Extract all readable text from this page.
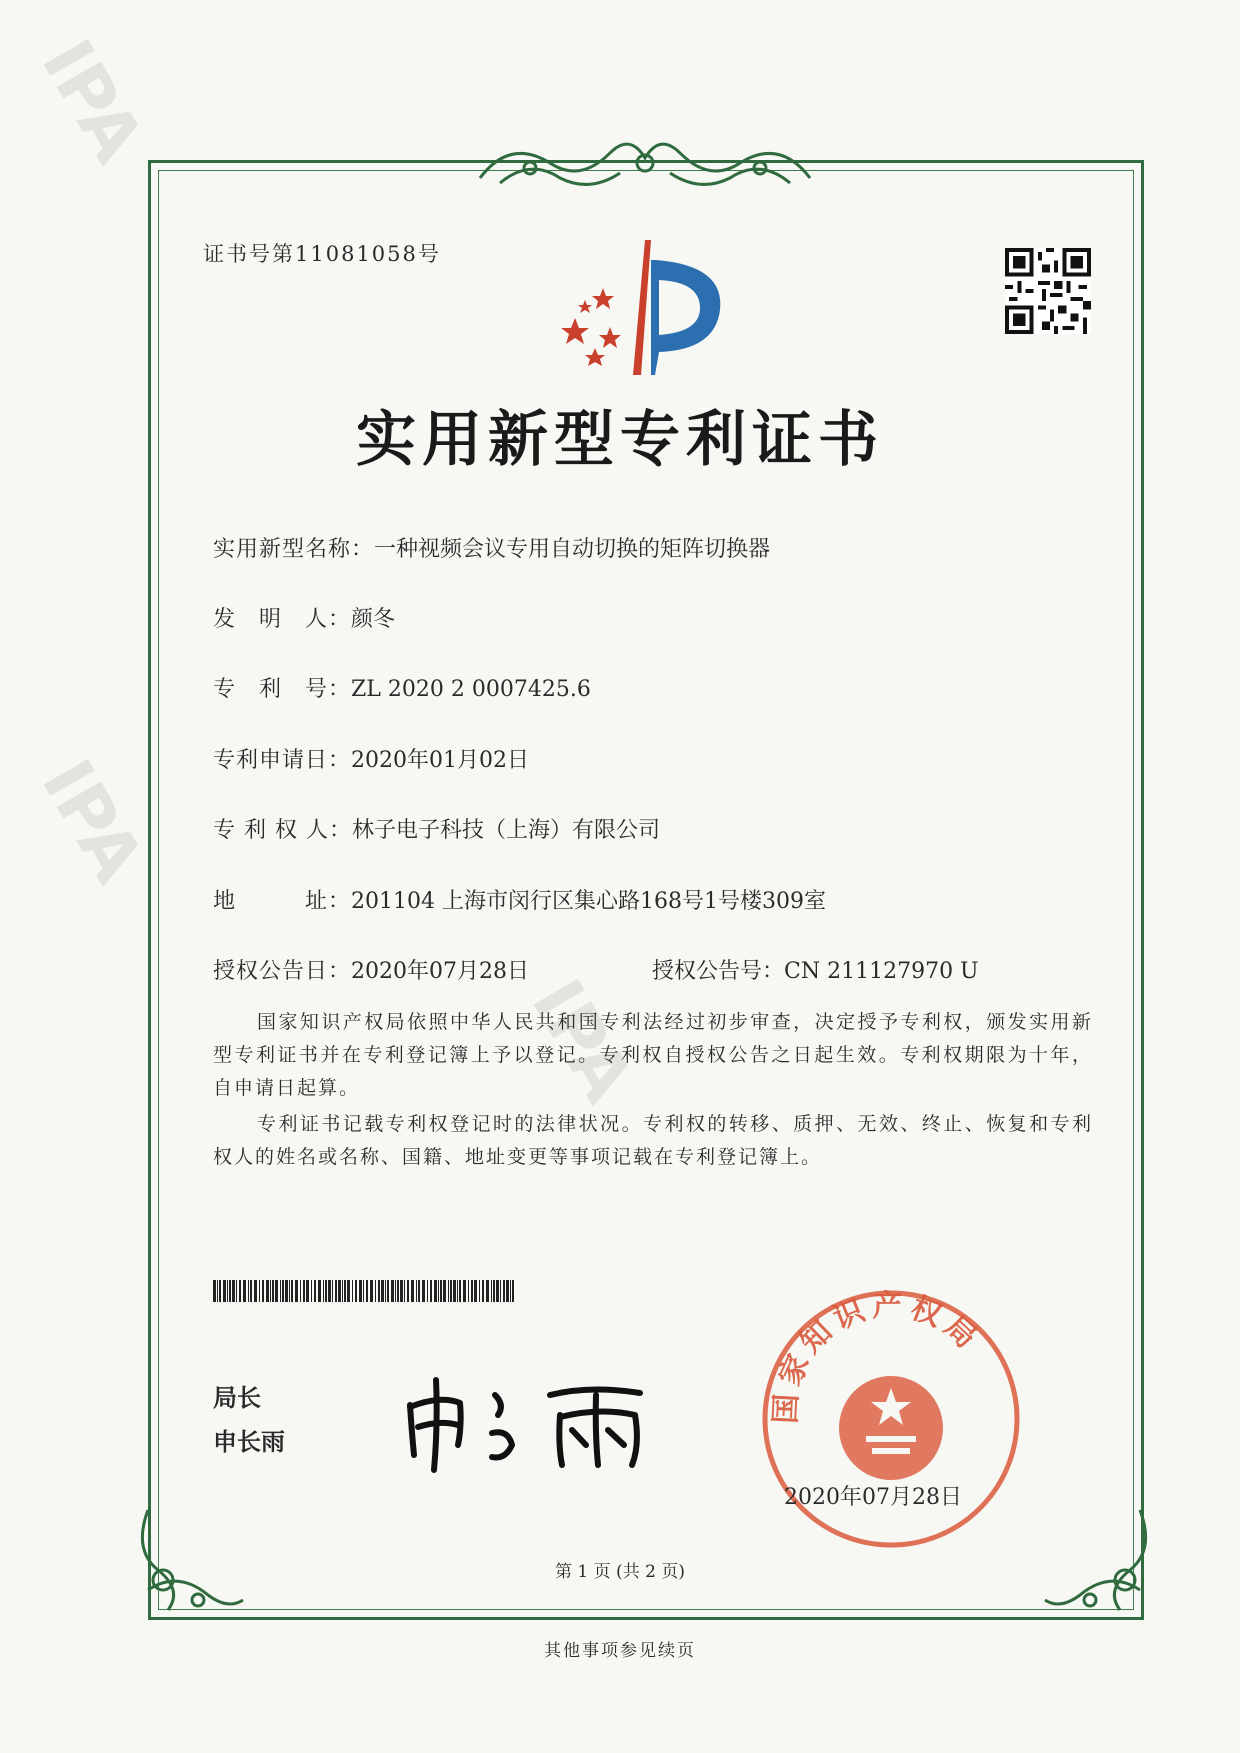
IPA
IPA
IPA
证书号第11081058号
实用新型专利证书
实用新型名称：一种视频会议专用自动切换的矩阵切换器
发　明　人：颜冬
专　利　号：ZL 2020 2 0007425.6
专利申请日：2020年01月02日
专 利 权 人：林子电子科技（上海）有限公司
地　　　址：201104 上海市闵行区集心路168号1号楼309室
授权公告日：2020年07月28日	授权公告号：CN 211127970 U
国家知识产权局依照中华人民共和国专利法经过初步审查，决定授予专利权，颁发实用新型专利证书并在专利登记簿上予以登记。专利权自授权公告之日起生效。专利权期限为十年，自申请日起算。
专利证书记载专利权登记时的法律状况。专利权的转移、质押、无效、终止、恢复和专利权人的姓名或名称、国籍、地址变更等事项记载在专利登记簿上。
局长
申长雨
国家知识产权局
2020年07月28日
第 1 页 (共 2 页)
其他事项参见续页
